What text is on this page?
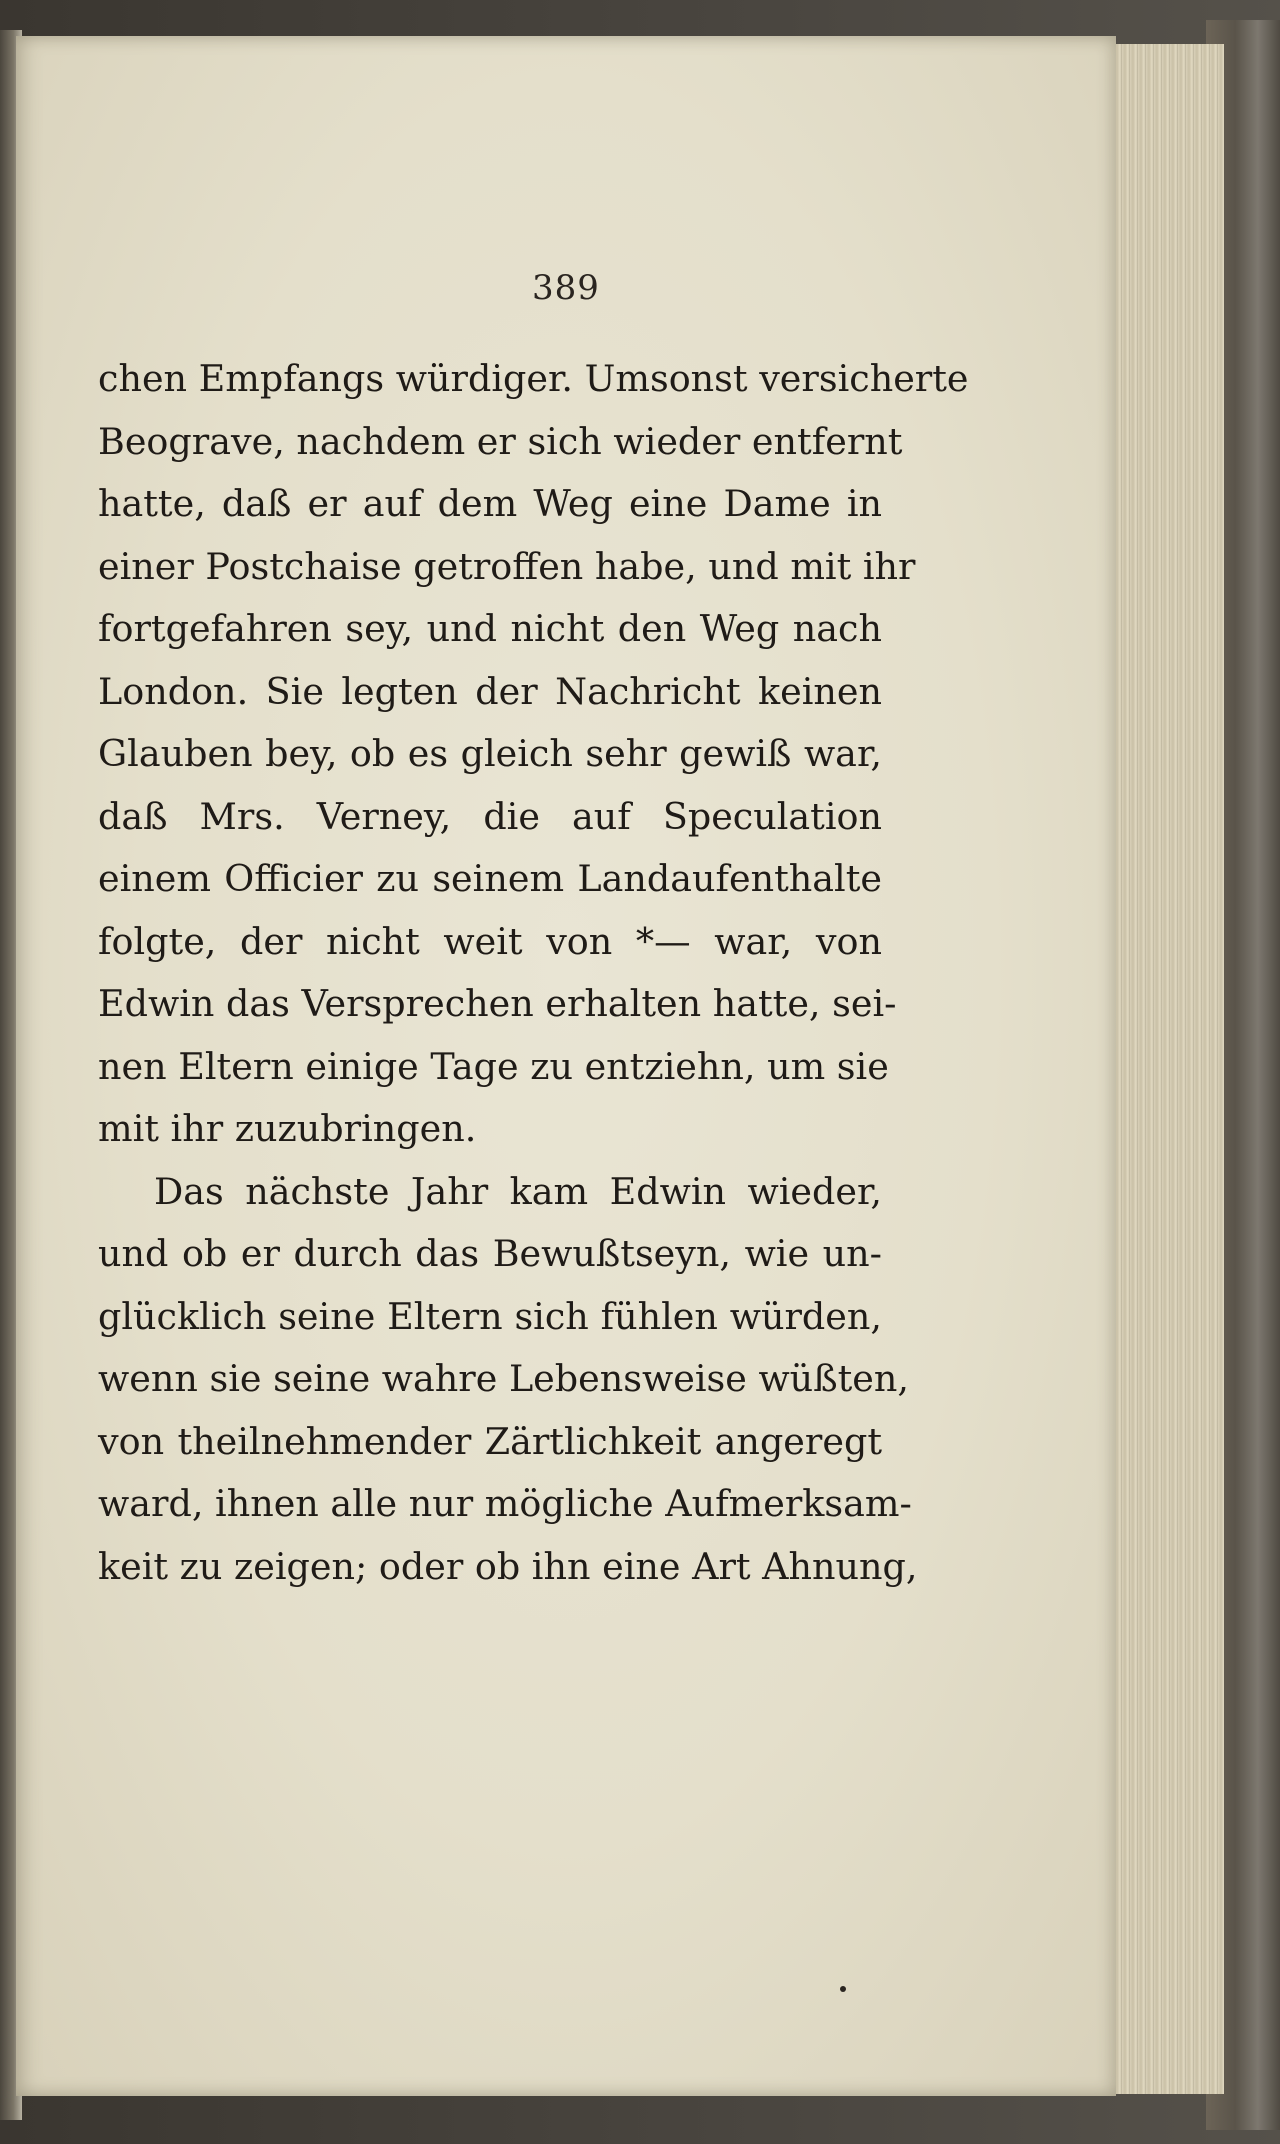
389
chen Empfangs würdiger. Umsonst versicherte
Beograve, nachdem er sich wieder entfernt
hatte, daß er auf dem Weg eine Dame in
einer Postchaise getroffen habe, und mit ihr
fortgefahren sey, und nicht den Weg nach
London. Sie legten der Nachricht keinen
Glauben bey, ob es gleich sehr gewiß war,
daß Mrs. Verney, die auf Speculation
einem Officier zu seinem Landaufenthalte
folgte, der nicht weit von *— war, von
Edwin das Versprechen erhalten hatte, sei-
nen Eltern einige Tage zu entziehn, um sie
mit ihr zuzubringen.
Das nächste Jahr kam Edwin wieder,
und ob er durch das Bewußtseyn, wie un-
glücklich seine Eltern sich fühlen würden,
wenn sie seine wahre Lebensweise wüßten,
von theilnehmender Zärtlichkeit angeregt
ward, ihnen alle nur mögliche Aufmerksam-
keit zu zeigen; oder ob ihn eine Art Ahnung,
